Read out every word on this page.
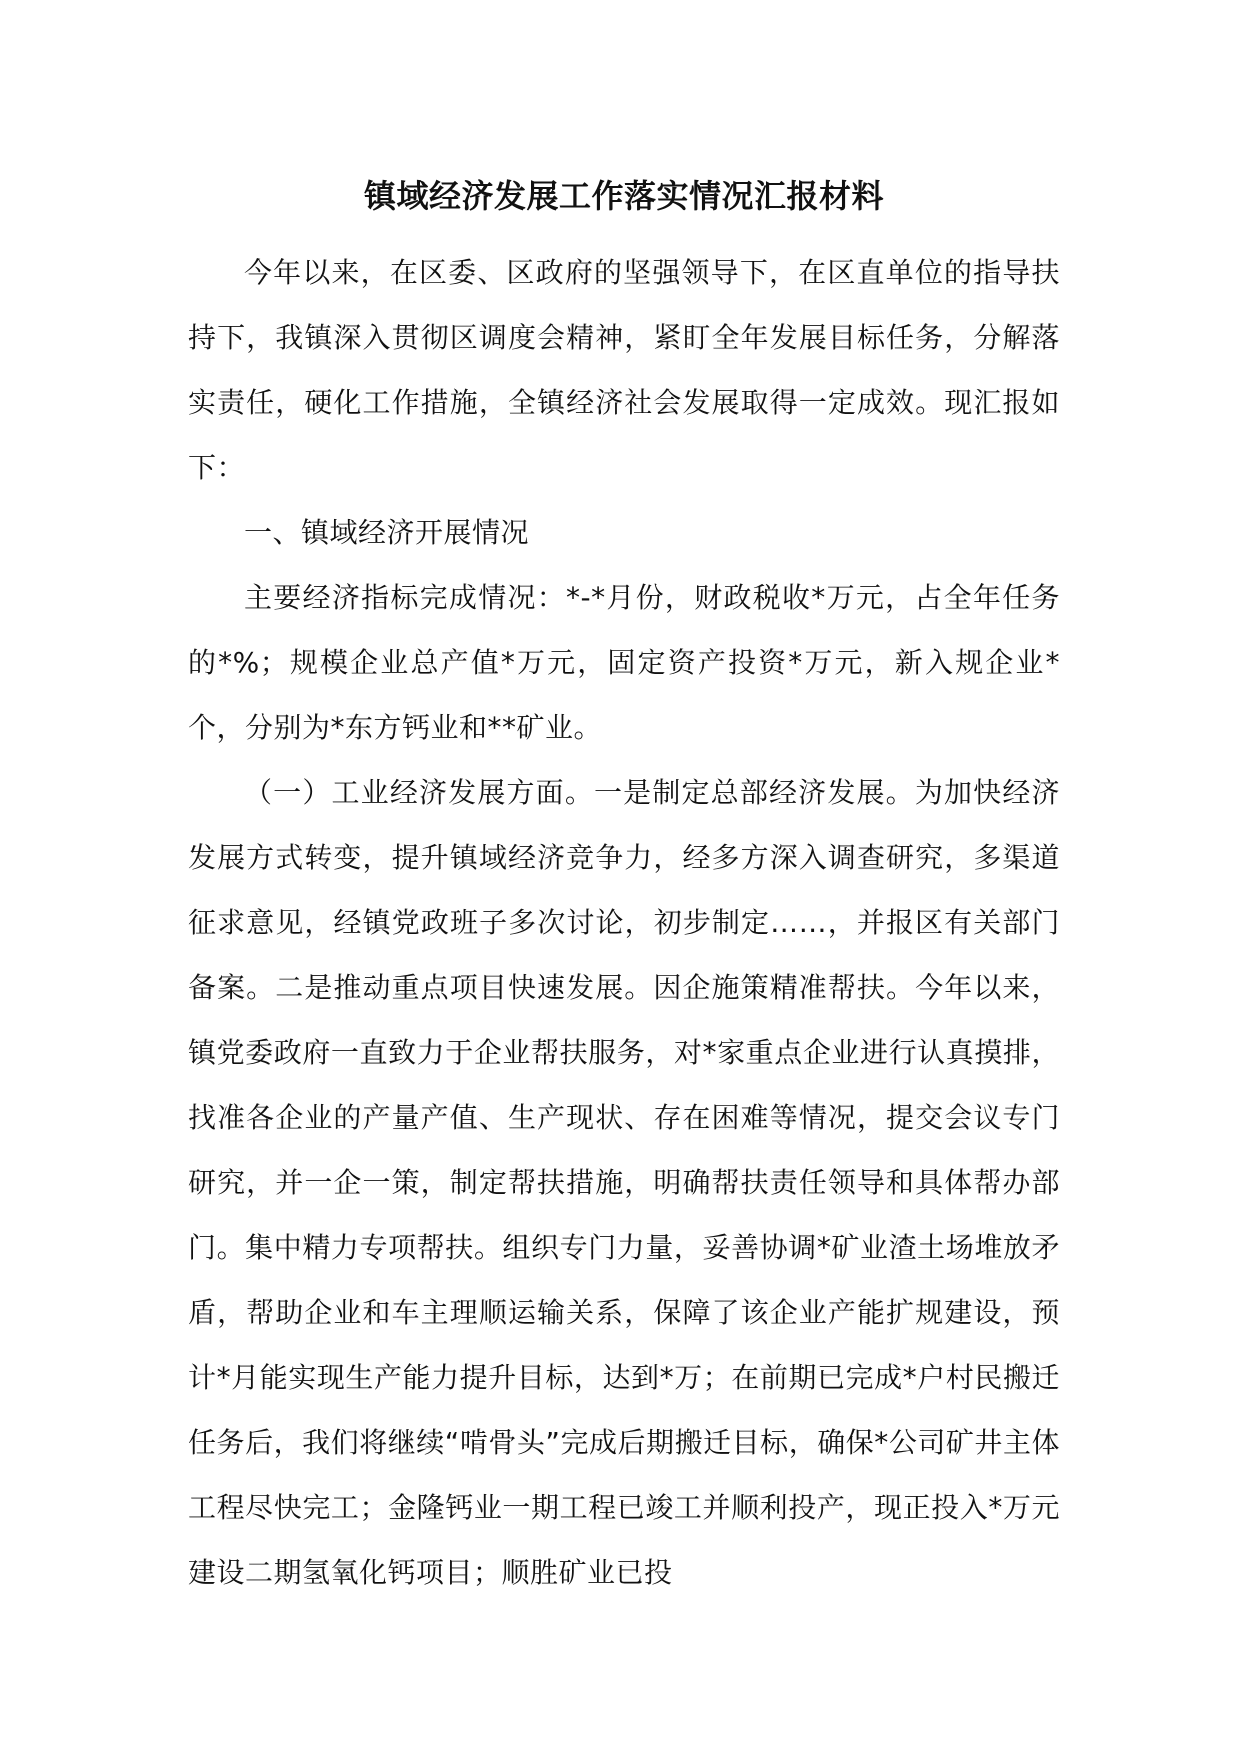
镇域经济发展工作落实情况汇报材料

今年以来，在区委、区政府的坚强领导下，在区直单位的指导扶持下，我镇深入贯彻区调度会精神，紧盯全年发展目标任务，分解落实责任，硬化工作措施，全镇经济社会发展取得一定成效。现汇报如下：

一、镇域经济开展情况

主要经济指标完成情况：*-*月份，财政税收*万元，占全年任务的*%；规模企业总产值*万元，固定资产投资*万元，新入规企业*个，分别为*东方钙业和**矿业。

（一）工业经济发展方面。一是制定总部经济发展。为加快经济发展方式转变，提升镇域经济竞争力，经多方深入调查研究，多渠道征求意见，经镇党政班子多次讨论，初步制定……，并报区有关部门备案。二是推动重点项目快速发展。因企施策精准帮扶。今年以来，镇党委政府一直致力于企业帮扶服务，对*家重点企业进行认真摸排，找准各企业的产量产值、生产现状、存在困难等情况，提交会议专门研究，并一企一策，制定帮扶措施，明确帮扶责任领导和具体帮办部门。集中精力专项帮扶。组织专门力量，妥善协调*矿业渣土场堆放矛盾，帮助企业和车主理顺运输关系，保障了该企业产能扩规建设，预计*月能实现生产能力提升目标，达到*万；在前期已完成*户村民搬迁任务后，我们将继续“啃骨头”完成后期搬迁目标，确保*公司矿井主体工程尽快完工；金隆钙业一期工程已竣工并顺利投产，现正投入*万元建设二期氢氧化钙项目；顺胜矿业已投
